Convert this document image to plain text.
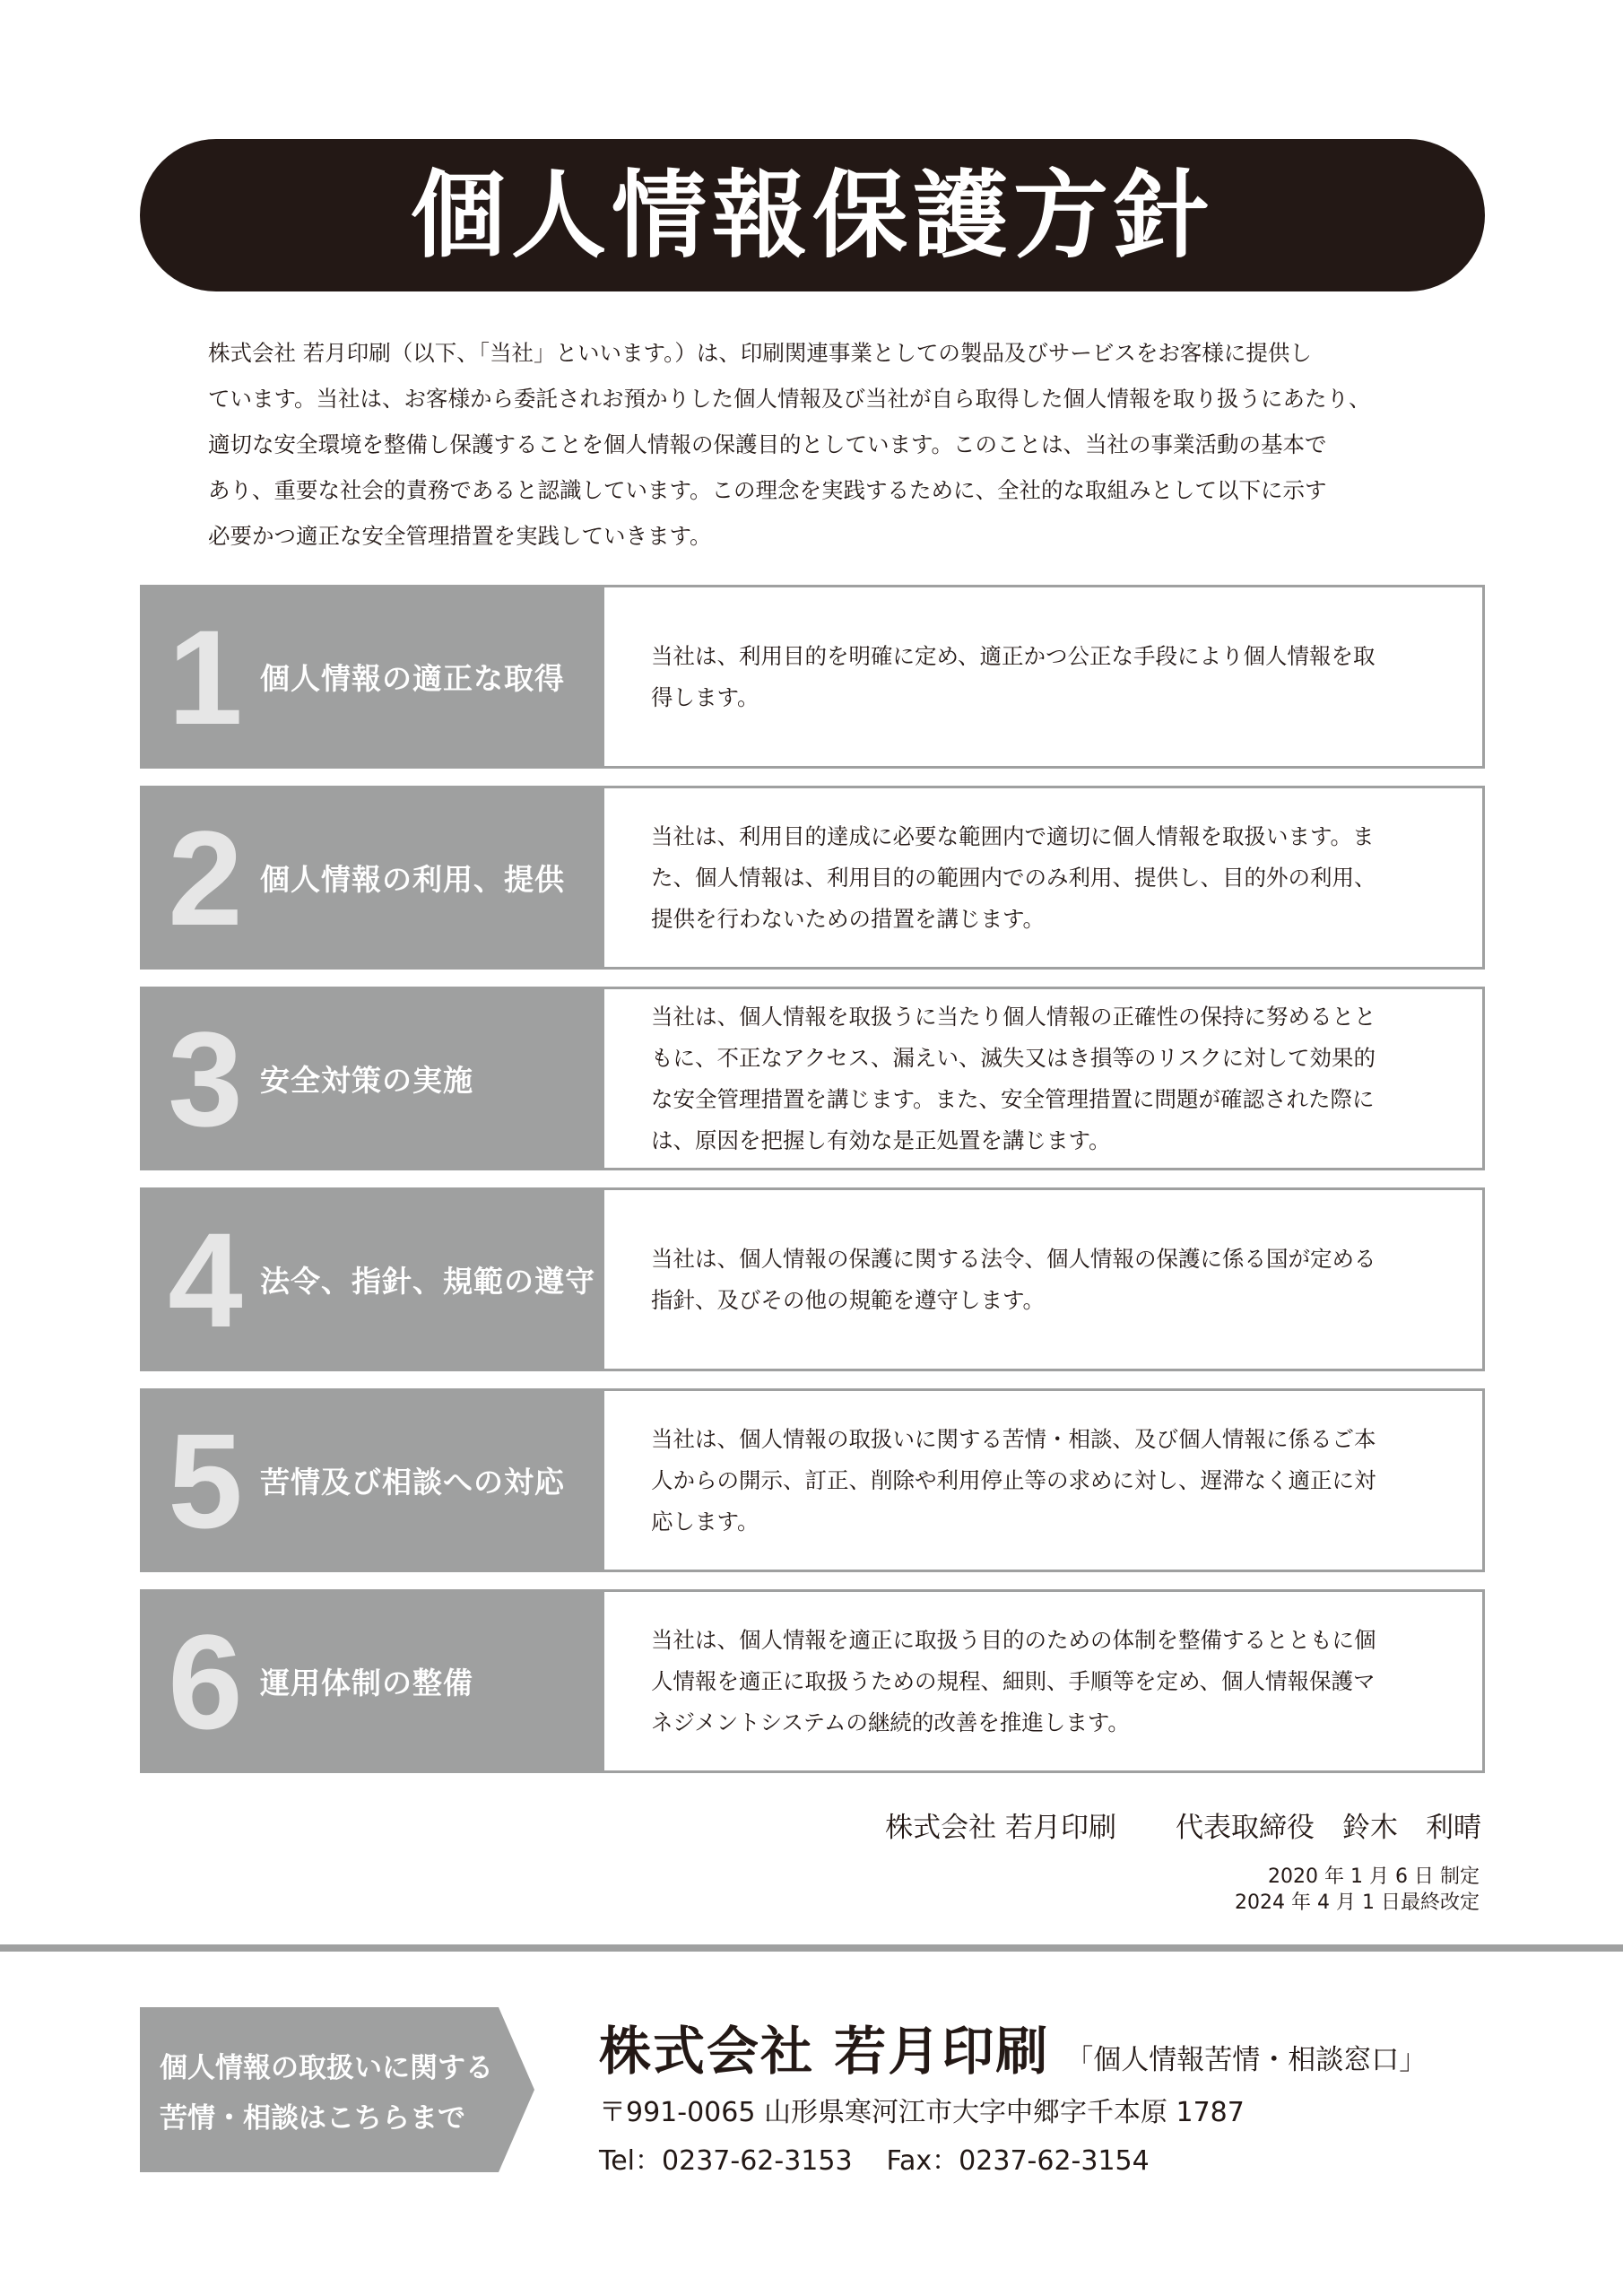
個人情報保護方針
株式会社 若月印刷（以下、「当社」といいます。）は、印刷関連事業としての製品及びサービスをお客様に提供し
ています。当社は、お客様から委託されお預かりした個人情報及び当社が自ら取得した個人情報を取り扱うにあたり、
適切な安全環境を整備し保護することを個人情報の保護目的としています。このことは、当社の事業活動の基本で
あり、重要な社会的責務であると認識しています。この理念を実践するために、全社的な取組みとして以下に示す
必要かつ適正な安全管理措置を実践していきます。
1 個人情報の適正な取得
当社は、利用目的を明確に定め、適正かつ公正な手段により個人情報を取
得します。
2 個人情報の利用、提供
当社は、利用目的達成に必要な範囲内で適切に個人情報を取扱います。ま
た、個人情報は、利用目的の範囲内でのみ利用、提供し、目的外の利用、
提供を行わないための措置を講じます。
3 安全対策の実施
当社は、個人情報を取扱うに当たり個人情報の正確性の保持に努めるとと
もに、不正なアクセス、漏えい、滅失又はき損等のリスクに対して効果的
な安全管理措置を講じます。また、安全管理措置に問題が確認された際に
は、原因を把握し有効な是正処置を講じます。
4 法令、指針、規範の遵守
当社は、個人情報の保護に関する法令、個人情報の保護に係る国が定める
指針、及びその他の規範を遵守します。
5 苦情及び相談への対応
当社は、個人情報の取扱いに関する苦情・相談、及び個人情報に係るご本
人からの開示、訂正、削除や利用停止等の求めに対し、遅滞なく適正に対
応します。
6 運用体制の整備
当社は、個人情報を適正に取扱う目的のための体制を整備するとともに個
人情報を適正に取扱うための規程、細則、手順等を定め、個人情報保護マ
ネジメントシステムの継続的改善を推進します。
株式会社 若月印刷 代表取締役　鈴木　利晴
2020 年 1 月 6 日 制定
2024 年 4 月 1 日最終改定
個人情報の取扱いに関する
苦情・相談はこちらまで
株式会社 若月印刷 「個人情報苦情・相談窓口」
〒991-0065 山形県寒河江市大字中郷字千本原 1787
Tel：0237-62-3153 Fax：0237-62-3154
